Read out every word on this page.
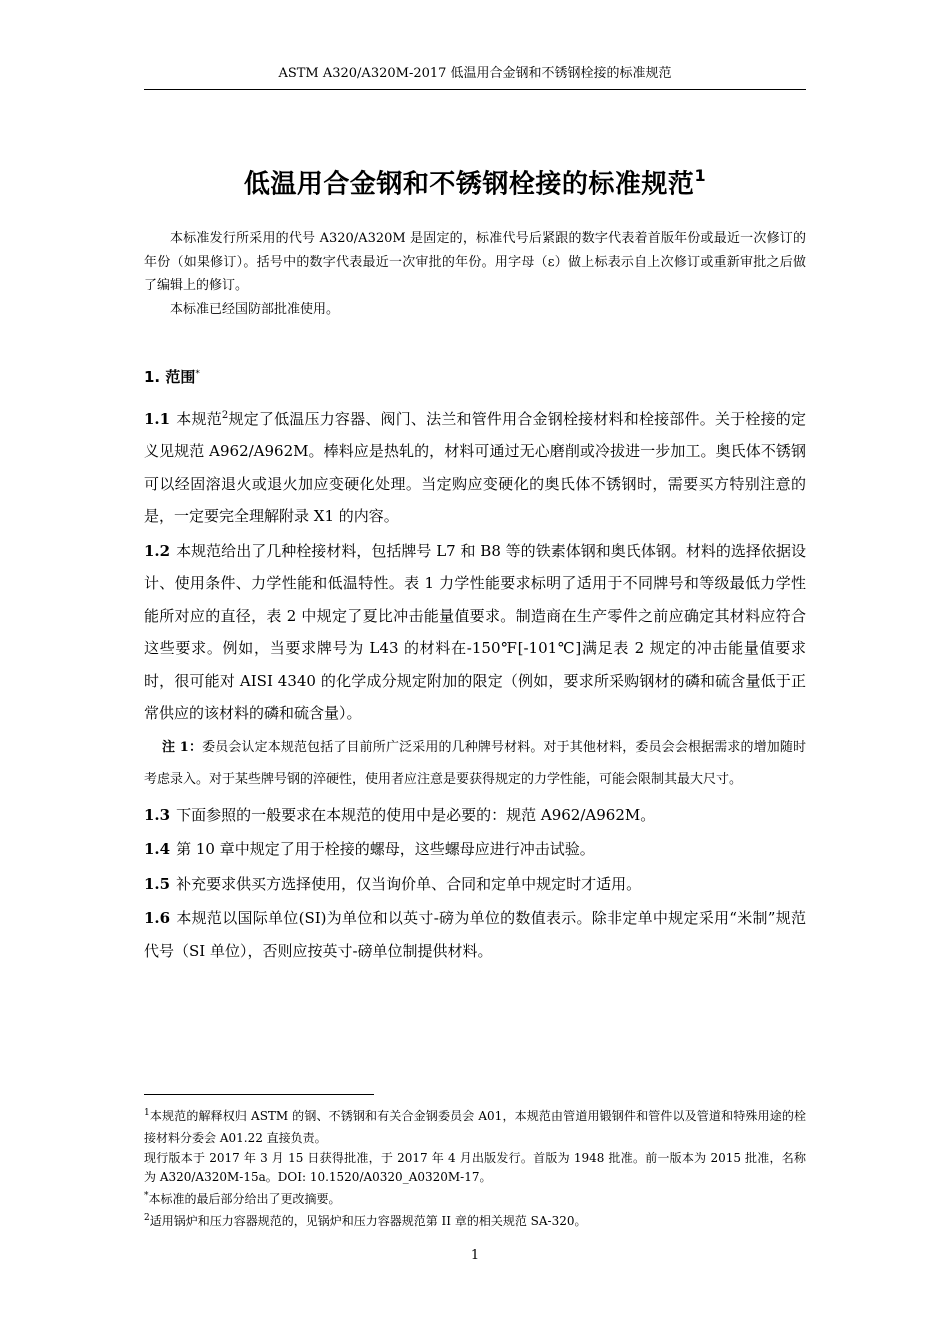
ASTM A320/A320M-2017 低温用合金钢和不锈钢栓接的标准规范
低温用合金钢和不锈钢栓接的标准规范$^1$

本标准发行所采用的代号 A320/A320M 是固定的，标准代号后紧跟的数字代表着首版年份或最近一次修订的年份（如果修订）。括号中的数字代表最近一次审批的年份。用字母（ε）做上标表示自上次修订或重新审批之后做了编辑上的修订。

本标准已经国防部批准使用。

1. 范围*

1.1 本规范$^2$规定了低温压力容器、阀门、法兰和管件用合金钢栓接材料和栓接部件。关于栓接的定义见规范 A962/A962M。棒料应是热轧的，材料可通过无心磨削或冷拔进一步加工。奥氏体不锈钢可以经固溶退火或退火加应变硬化处理。当定购应变硬化的奥氏体不锈钢时，需要买方特别注意的是，一定要完全理解附录 X1 的内容。

1.2 本规范给出了几种栓接材料，包括牌号 L7 和 B8 等的铁素体钢和奥氏体钢。材料的选择依据设计、使用条件、力学性能和低温特性。表 1 力学性能要求标明了适用于不同牌号和等级最低力学性能所对应的直径，表 2 中规定了夏比冲击能量值要求。制造商在生产零件之前应确定其材料应符合这些要求。例如，当要求牌号为 L43 的材料在-150℉[-101℃]满足表 2 规定的冲击能量值要求时，很可能对 AISI 4340 的化学成分规定附加的限定（例如，要求所采购钢材的磷和硫含量低于正常供应的该材料的磷和硫含量）。

注 1：委员会认定本规范包括了目前所广泛采用的几种牌号材料。对于其他材料，委员会会根据需求的增加随时考虑录入。对于某些牌号钢的淬硬性，使用者应注意是要获得规定的力学性能，可能会限制其最大尺寸。

1.3 下面参照的一般要求在本规范的使用中是必要的：规范 A962/A962M。

1.4 第 10 章中规定了用于栓接的螺母，这些螺母应进行冲击试验。

1.5 补充要求供买方选择使用，仅当询价单、合同和定单中规定时才适用。

1.6 本规范以国际单位(SI)为单位和以英寸-磅为单位的数值表示。除非定单中规定采用“米制”规范代号（SI 单位），否则应按英寸-磅单位制提供材料。

$^1$本规范的解释权归 ASTM 的钢、不锈钢和有关合金钢委员会 A01，本规范由管道用锻钢件和管件以及管道和特殊用途的栓接材料分委会 A01.22 直接负责。

现行版本于 2017 年 3 月 15 日获得批准，于 2017 年 4 月出版发行。首版为 1948 批准。前一版本为 2015 批准，名称为 A320/A320M-15a。DOI: 10.1520/A0320_A0320M-17。

*本标准的最后部分给出了更改摘要。

$^2$适用锅炉和压力容器规范的，见锅炉和压力容器规范第 II 章的相关规范 SA-320。

1
